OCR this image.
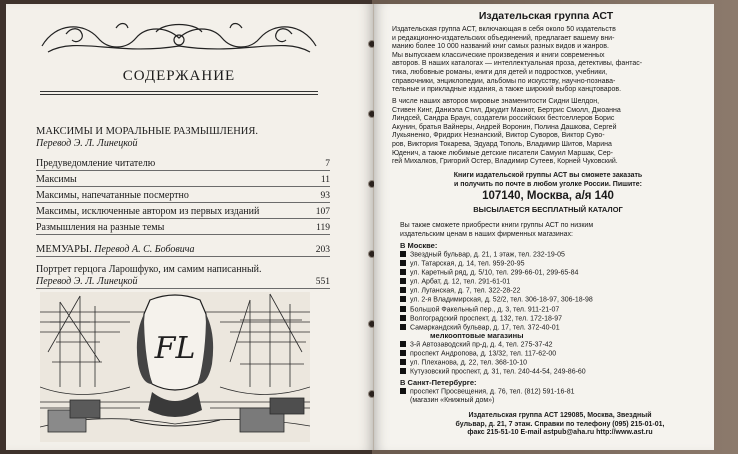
СОДЕРЖАНИЕ
МАКСИМЫ И МОРАЛЬНЫЕ РАЗМЫШЛЕНИЯ.
Перевод Э. Л. Линецкой
Предуведомление читателю	7
Максимы	11
Максимы, напечатанные посмертно	93
Максимы, исключенные автором из первых изданий	107
Размышления на разные темы	119
МЕМУАРЫ. Перевод А. С. Бобовича	203
Портрет герцога Ларошфуко, им самим написанный.
Перевод Э. Л. Линецкой	551
FL
Издательская группа АСТ
Издательская группа АСТ, включающая в себя около 50 издательств
и редакционно-издательских объединений, предлагает вашему вни-
манию более 10 000 названий книг самых разных видов и жанров.
Мы выпускаем классические произведения и книги современных
авторов. В наших каталогах — интеллектуальная проза, детективы, фантас-
тика, любовные романы, книги для детей и подростков, учебники,
справочники, энциклопедии, альбомы по искусству, научно-познава-
тельные и прикладные издания, а также широкий выбор канцтоваров.
В числе наших авторов мировые знаменитости Сидни Шелдон,
Стивен Кинг, Даниэла Стил, Джудит Макнот, Бертрис Смолл, Джоанна
Линдсей, Сандра Браун, создатели российских бестселлеров Борис
Акунин, братья Вайнеры, Андрей Воронин, Полина Дашкова, Сергей
Лукьяненко, Фридрих Незнанский, Виктор Суворов, Виктор Суво-
ров, Виктория Токарева, Эдуард Тополь, Владимир Шитов, Марина
Юденич, а также любимые детские писатели Самуил Маршак, Сер-
гей Михалков, Григорий Остер, Владимир Сутеев, Корней Чуковский.
Книги издательской группы АСТ вы сможете заказать
и получить по почте в любом уголке России. Пишите:
107140, Москва, а/я 140
ВЫСЫЛАЕТСЯ БЕСПЛАТНЫЙ КАТАЛОГ
Вы также сможете приобрести книги группы АСТ по низким
издательским ценам в наших фирменных магазинах:
В Москве:
Звездный бульвар, д. 21, 1 этаж, тел. 232-19-05
ул. Татарская, д. 14, тел. 959-20-95
ул. Каретный ряд, д. 5/10, тел. 299-66-01, 299-65-84
ул. Арбат, д. 12, тел. 291-61-01
ул. Луганская, д. 7, тел. 322-28-22
ул. 2-я Владимирская, д. 52/2, тел. 306-18-97, 306-18-98
Большой Факельный пер., д. 3, тел. 911-21-07
Волгоградский проспект, д. 132, тел. 172-18-97
Самаркандский бульвар, д. 17, тел. 372-40-01
мелкооптовые магазины
3-й Автозаводский пр-д, д. 4, тел. 275-37-42
проспект Андропова, д. 13/32, тел. 117-62-00
ул. Плеханова, д. 22, тел. 368-10-10
Кутузовский проспект, д. 31, тел. 240-44-54, 249-86-60
В Санкт-Петербурге:
проспект Просвещения, д. 76, тел. (812) 591-16-81
(магазин «Книжный дом»)
Издательская группа АСТ 129085, Москва, Звездный
бульвар, д. 21, 7 этаж. Справки по телефону (095) 215-01-01,
факс 215-51-10 E-mail astpub@aha.ru http://www.ast.ru
